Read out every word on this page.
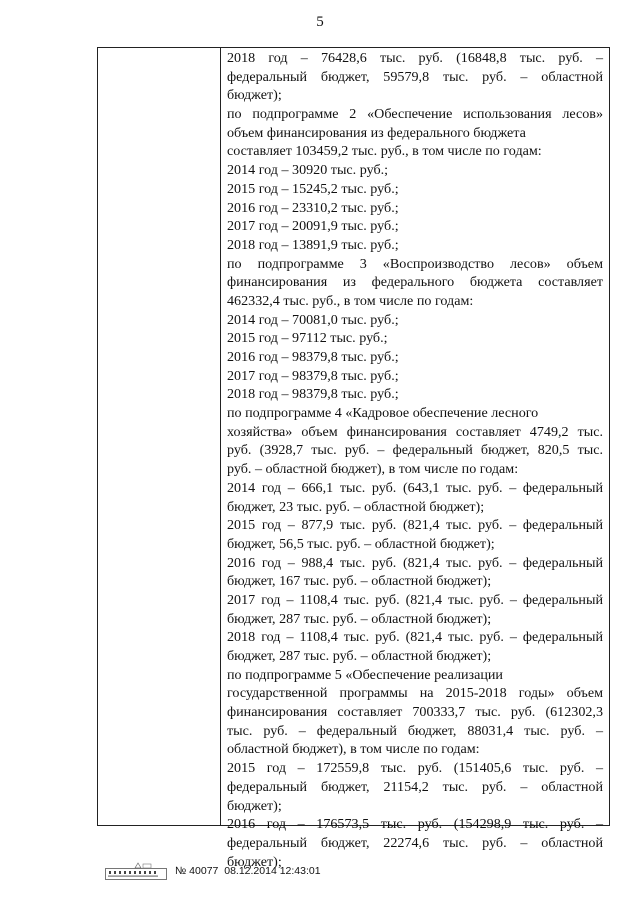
5
2018 год – 76428,6 тыс. руб. (16848,8 тыс. руб. –
федеральный бюджет, 59579,8 тыс. руб. – областной
бюджет);
по подпрограмме 2 «Обеспечение использования лесов»
объем финансирования из федерального бюджета
составляет 103459,2 тыс. руб., в том числе по годам:
2014 год – 30920 тыс. руб.;
2015 год – 15245,2 тыс. руб.;
2016 год – 23310,2 тыс. руб.;
2017 год – 20091,9 тыс. руб.;
2018 год – 13891,9 тыс. руб.;
по подпрограмме 3 «Воспроизводство лесов» объем
финансирования из федерального бюджета составляет
462332,4 тыс. руб., в том числе по годам:
2014 год – 70081,0 тыс. руб.;
2015 год – 97112 тыс. руб.;
2016 год – 98379,8 тыс. руб.;
2017 год – 98379,8 тыс. руб.;
2018 год – 98379,8 тыс. руб.;
по подпрограмме 4 «Кадровое обеспечение лесного
хозяйства» объем финансирования составляет 4749,2 тыс.
руб. (3928,7 тыс. руб. – федеральный бюджет, 820,5 тыс.
руб. – областной бюджет), в том числе по годам:
2014 год – 666,1 тыс. руб. (643,1 тыс. руб. – федеральный
бюджет, 23 тыс. руб. – областной бюджет);
2015 год – 877,9 тыс. руб. (821,4 тыс. руб. – федеральный
бюджет, 56,5 тыс. руб. – областной бюджет);
2016 год – 988,4 тыс. руб. (821,4 тыс. руб. – федеральный
бюджет, 167 тыс. руб. – областной бюджет);
2017 год – 1108,4 тыс. руб. (821,4 тыс. руб. – федеральный
бюджет, 287 тыс. руб. – областной бюджет);
2018 год – 1108,4 тыс. руб. (821,4 тыс. руб. – федеральный
бюджет, 287 тыс. руб. – областной бюджет);
по подпрограмме 5 «Обеспечение реализации
государственной программы на 2015-2018 годы» объем
финансирования составляет 700333,7 тыс. руб. (612302,3
тыс. руб. – федеральный бюджет, 88031,4 тыс. руб. –
областной бюджет), в том числе по годам:
2015 год – 172559,8 тыс. руб. (151405,6 тыс. руб. –
федеральный бюджет, 21154,2 тыс. руб. – областной
бюджет);
2016 год – 176573,5 тыс. руб. (154298,9 тыс. руб. –
федеральный бюджет, 22274,6 тыс. руб. – областной
бюджет);
№ 40077 08.12.2014 12:43:01
